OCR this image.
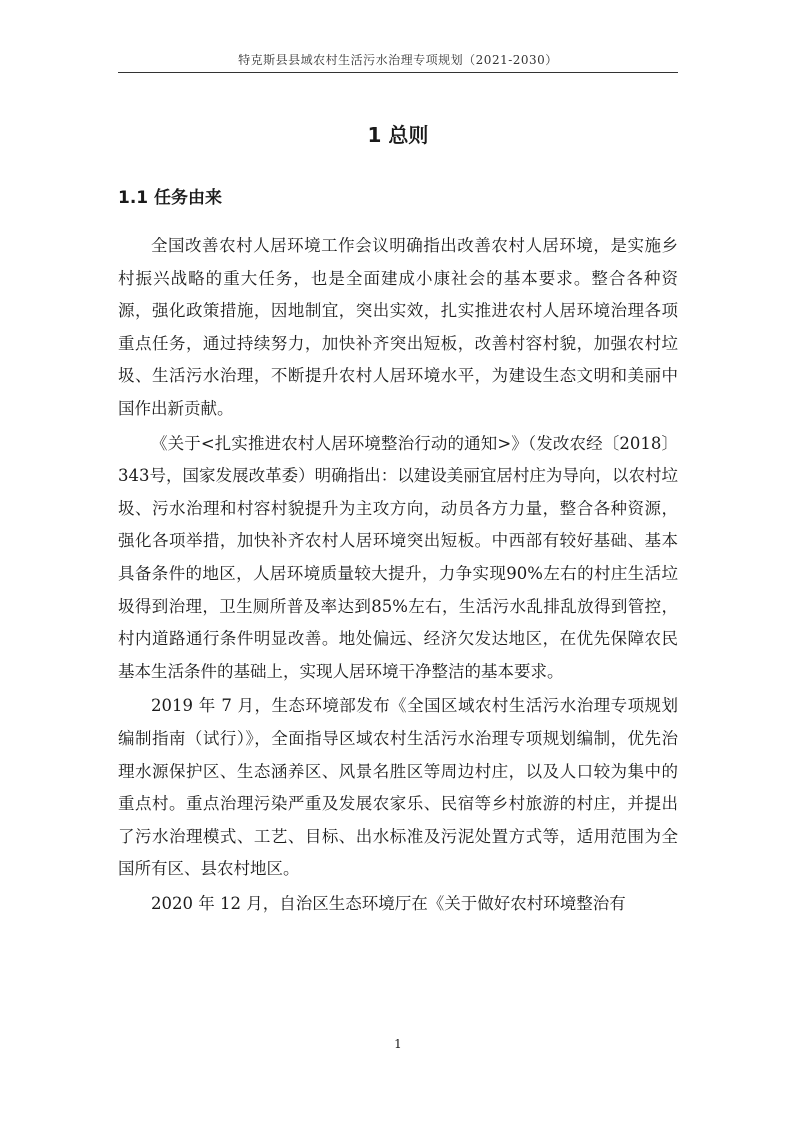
特克斯县县域农村生活污水治理专项规划（2021-2030）
1 总则
1.1 任务由来

全国改善农村人居环境工作会议明确指出改善农村人居环境，是实施乡村振兴战略的重大任务，也是全面建成小康社会的基本要求。整合各种资源，强化政策措施，因地制宜，突出实效，扎实推进农村人居环境治理各项重点任务，通过持续努力，加快补齐突出短板，改善村容村貌，加强农村垃圾、生活污水治理，不断提升农村人居环境水平，为建设生态文明和美丽中国作出新贡献。

《关于<扎实推进农村人居环境整治行动的通知>》（发改农经〔2018〕343号，国家发展改革委）明确指出：以建设美丽宜居村庄为导向，以农村垃圾、污水治理和村容村貌提升为主攻方向，动员各方力量，整合各种资源，强化各项举措，加快补齐农村人居环境突出短板。中西部有较好基础、基本具备条件的地区，人居环境质量较大提升，力争实现90%左右的村庄生活垃圾得到治理，卫生厕所普及率达到85%左右，生活污水乱排乱放得到管控，村内道路通行条件明显改善。地处偏远、经济欠发达地区，在优先保障农民基本生活条件的基础上，实现人居环境干净整洁的基本要求。

2019 年 7 月，生态环境部发布《全国区域农村生活污水治理专项规划编制指南（试行）》，全面指导区域农村生活污水治理专项规划编制，优先治理水源保护区、生态涵养区、风景名胜区等周边村庄，以及人口较为集中的重点村。重点治理污染严重及发展农家乐、民宿等乡村旅游的村庄，并提出了污水治理模式、工艺、目标、出水标准及污泥处置方式等，适用范围为全国所有区、县农村地区。

2020 年 12 月，自治区生态环境厅在《关于做好农村环境整治有

1
